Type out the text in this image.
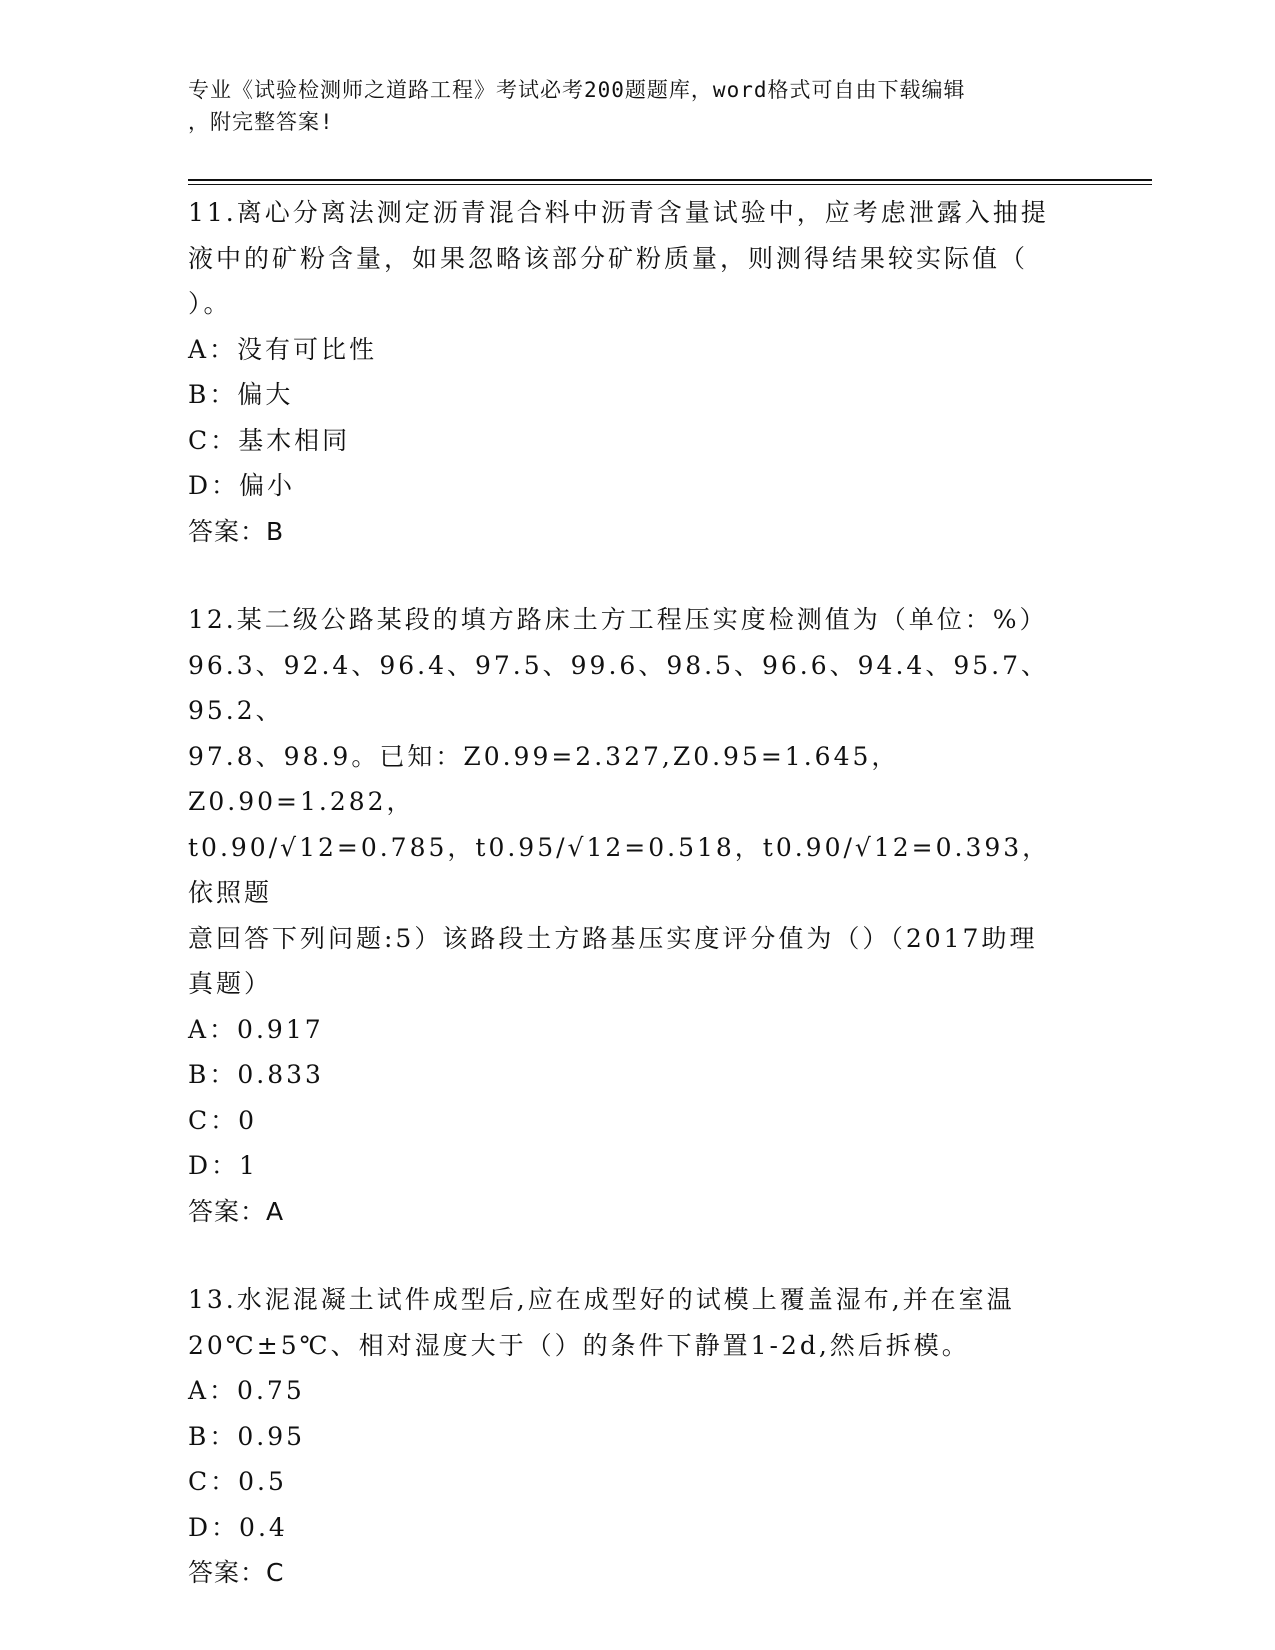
专业《试验检测师之道路工程》考试必考200题题库，word格式可自由下载编辑
，附完整答案!
11.离心分离法测定沥青混合料中沥青含量试验中，应考虑泄露入抽提
液中的矿粉含量，如果忽略该部分矿粉质量，则测得结果较实际值（
）。
A：没有可比性
B：偏大
C：基木相同
D：偏小
答案：B
12.某二级公路某段的填方路床土方工程压实度检测值为（单位：%）
96.3、92.4、96.4、97.5、99.6、98.5、96.6、94.4、95.7、95.2、
97.8、98.9。已知：Z0.99=2.327,Z0.95=1.645，Z0.90=1.282，
t0.90/√12=0.785，t0.95/√12=0.518，t0.90/√12=0.393，依照题
意回答下列问题:5）该路段土方路基压实度评分值为（）（2017助理
真题）
A：0.917
B：0.833
C：0
D：1
答案：A
13.水泥混凝土试件成型后,应在成型好的试模上覆盖湿布,并在室温
20℃±5℃、相对湿度大于（）的条件下静置1-2d,然后拆模。
A：0.75
B：0.95
C：0.5
D：0.4
答案：C
